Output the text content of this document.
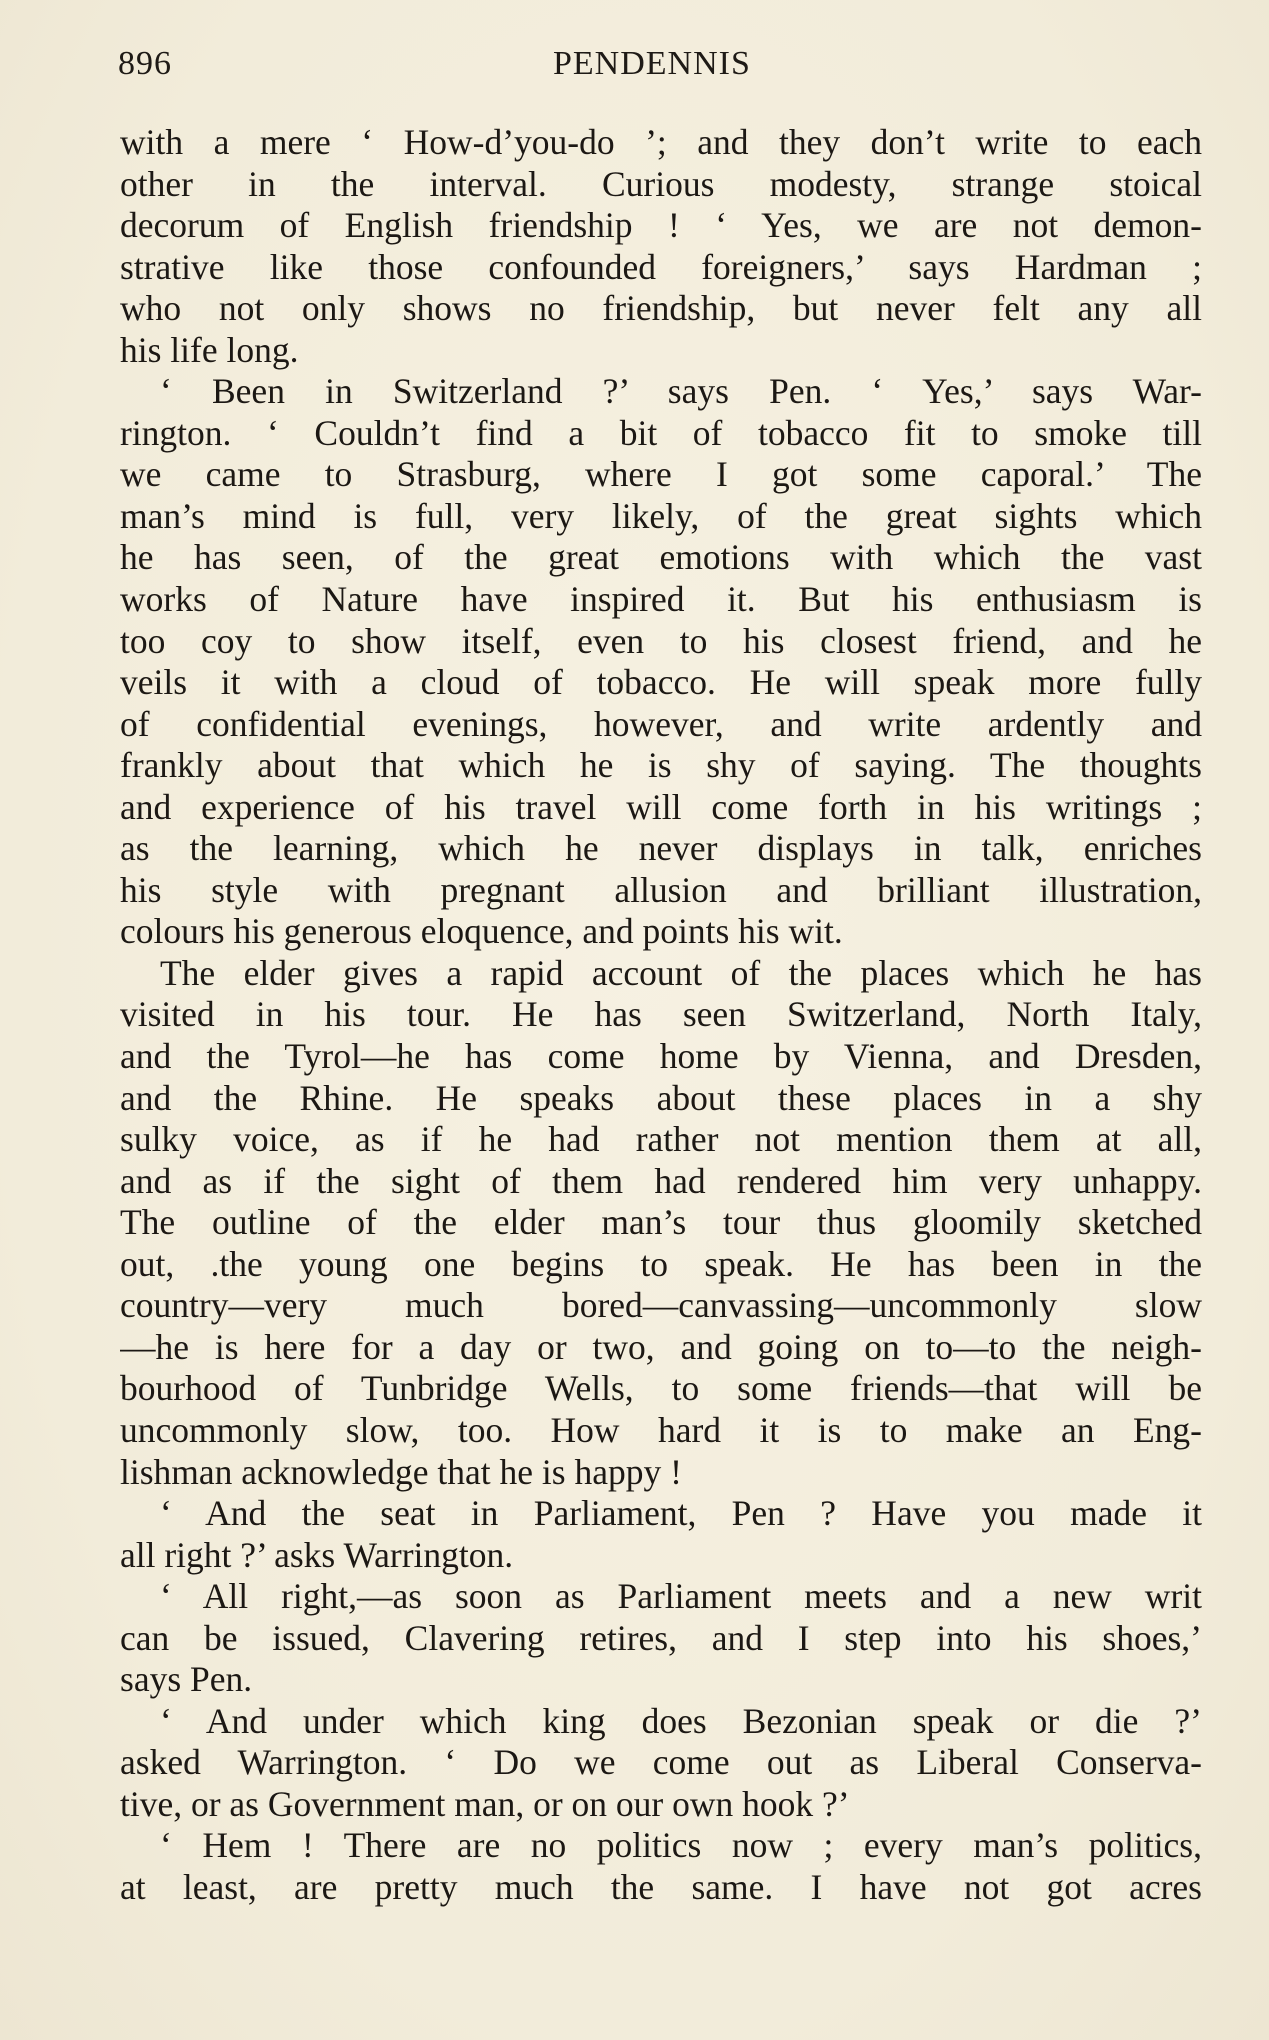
896	PENDENNIS
with a mere ‘ How-d’you-do ’; and they don’t write to each
other in the interval. Curious modesty, strange stoical
decorum of English friendship ! ‘ Yes, we are not demon-
strative like those confounded foreigners,’ says Hardman ;
who not only shows no friendship, but never felt any all
his life long.
‘ Been in Switzerland ?’ says Pen. ‘ Yes,’ says War-
rington. ‘ Couldn’t find a bit of tobacco fit to smoke till
we came to Strasburg, where I got some caporal.’ The
man’s mind is full, very likely, of the great sights which
he has seen, of the great emotions with which the vast
works of Nature have inspired it. But his enthusiasm is
too coy to show itself, even to his closest friend, and he
veils it with a cloud of tobacco. He will speak more fully
of confidential evenings, however, and write ardently and
frankly about that which he is shy of saying. The thoughts
and experience of his travel will come forth in his writings ;
as the learning, which he never displays in talk, enriches
his style with pregnant allusion and brilliant illustration,
colours his generous eloquence, and points his wit.
The elder gives a rapid account of the places which he has
visited in his tour. He has seen Switzerland, North Italy,
and the Tyrol—he has come home by Vienna, and Dresden,
and the Rhine. He speaks about these places in a shy
sulky voice, as if he had rather not mention them at all,
and as if the sight of them had rendered him very unhappy.
The outline of the elder man’s tour thus gloomily sketched
out, .the young one begins to speak. He has been in the
country—very much bored—canvassing—uncommonly slow
—he is here for a day or two, and going on to—to the neigh-
bourhood of Tunbridge Wells, to some friends—that will be
uncommonly slow, too. How hard it is to make an Eng-
lishman acknowledge that he is happy !
‘ And the seat in Parliament, Pen ? Have you made it
all right ?’ asks Warrington.
‘ All right,—as soon as Parliament meets and a new writ
can be issued, Clavering retires, and I step into his shoes,’
says Pen.
‘ And under which king does Bezonian speak or die ?’
asked Warrington. ‘ Do we come out as Liberal Conserva-
tive, or as Government man, or on our own hook ?’
‘ Hem ! There are no politics now ; every man’s politics,
at least, are pretty much the same. I have not got acres
